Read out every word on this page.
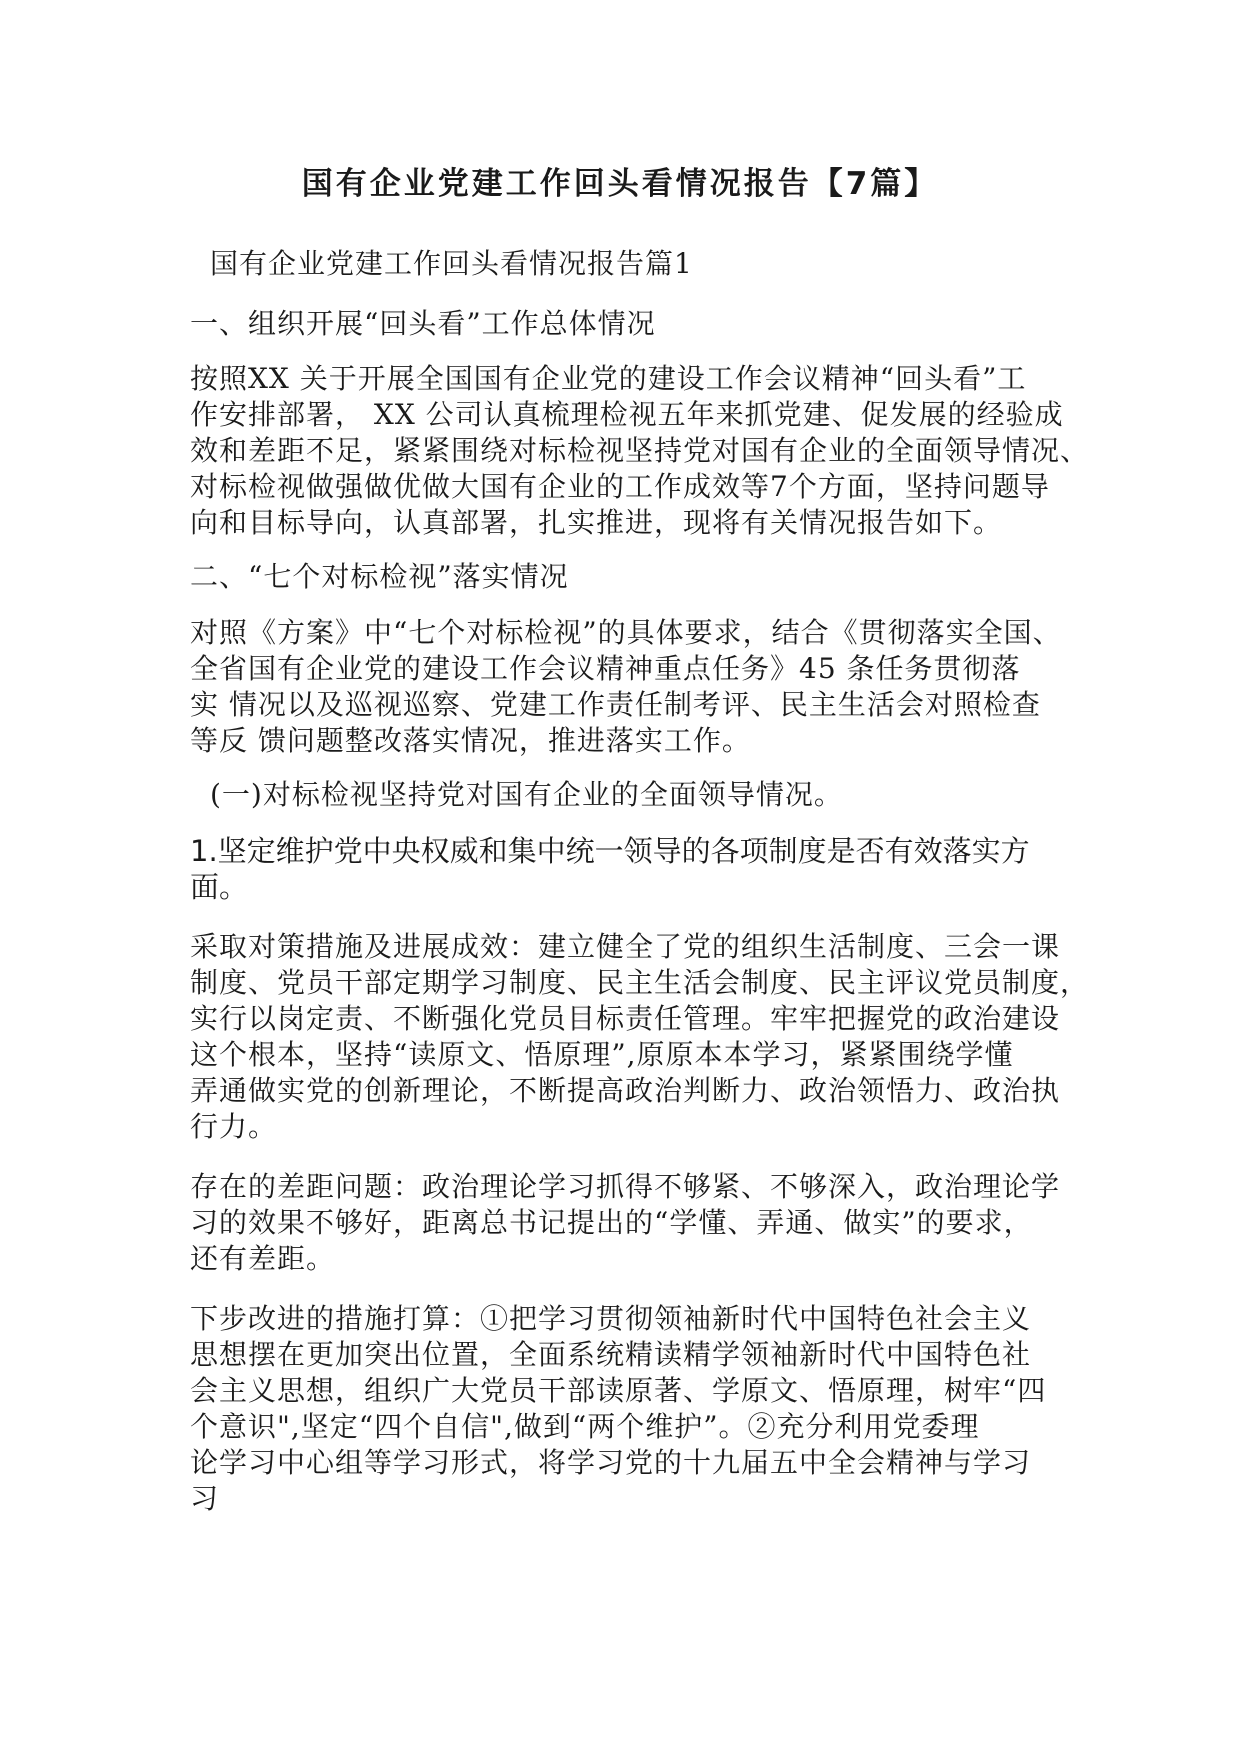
国有企业党建工作回头看情况报告【7篇】
国有企业党建工作回头看情况报告篇1
一、组织开展“回头看”工作总体情况
按照XX 关于开展全国国有企业党的建设工作会议精神“回头看”工
作安排部署， XX 公司认真梳理检视五年来抓党建、促发展的经验成
效和差距不足，紧紧围绕对标检视坚持党对国有企业的全面领导情况、
对标检视做强做优做大国有企业的工作成效等7个方面，坚持问题导
向和目标导向，认真部署，扎实推进，现将有关情况报告如下。
二、“七个对标检视”落实情况
对照《方案》中“七个对标检视”的具体要求，结合《贯彻落实全国、
全省国有企业党的建设工作会议精神重点任务》45 条任务贯彻落
实 情况以及巡视巡察、党建工作责任制考评、民主生活会对照检查
等反 馈问题整改落实情况，推进落实工作。
(一)对标检视坚持党对国有企业的全面领导情况。
1.坚定维护党中央权威和集中统一领导的各项制度是否有效落实方
面。
采取对策措施及进展成效：建立健全了党的组织生活制度、三会一课
制度、党员干部定期学习制度、民主生活会制度、民主评议党员制度，
实行以岗定责、不断强化党员目标责任管理。牢牢把握党的政治建设
这个根本，坚持“读原文、悟原理”,原原本本学习，紧紧围绕学懂
弄通做实党的创新理论，不断提高政治判断力、政治领悟力、政治执
行力。
存在的差距问题：政治理论学习抓得不够紧、不够深入，政治理论学
习的效果不够好，距离总书记提出的“学懂、弄通、做实”的要求，
还有差距。
下步改进的措施打算：①把学习贯彻领袖新时代中国特色社会主义
思想摆在更加突出位置，全面系统精读精学领袖新时代中国特色社
会主义思想，组织广大党员干部读原著、学原文、悟原理，树牢“四
个意识",坚定“四个自信",做到“两个维护”。②充分利用党委理
论学习中心组等学习形式，将学习党的十九届五中全会精神与学习
习
